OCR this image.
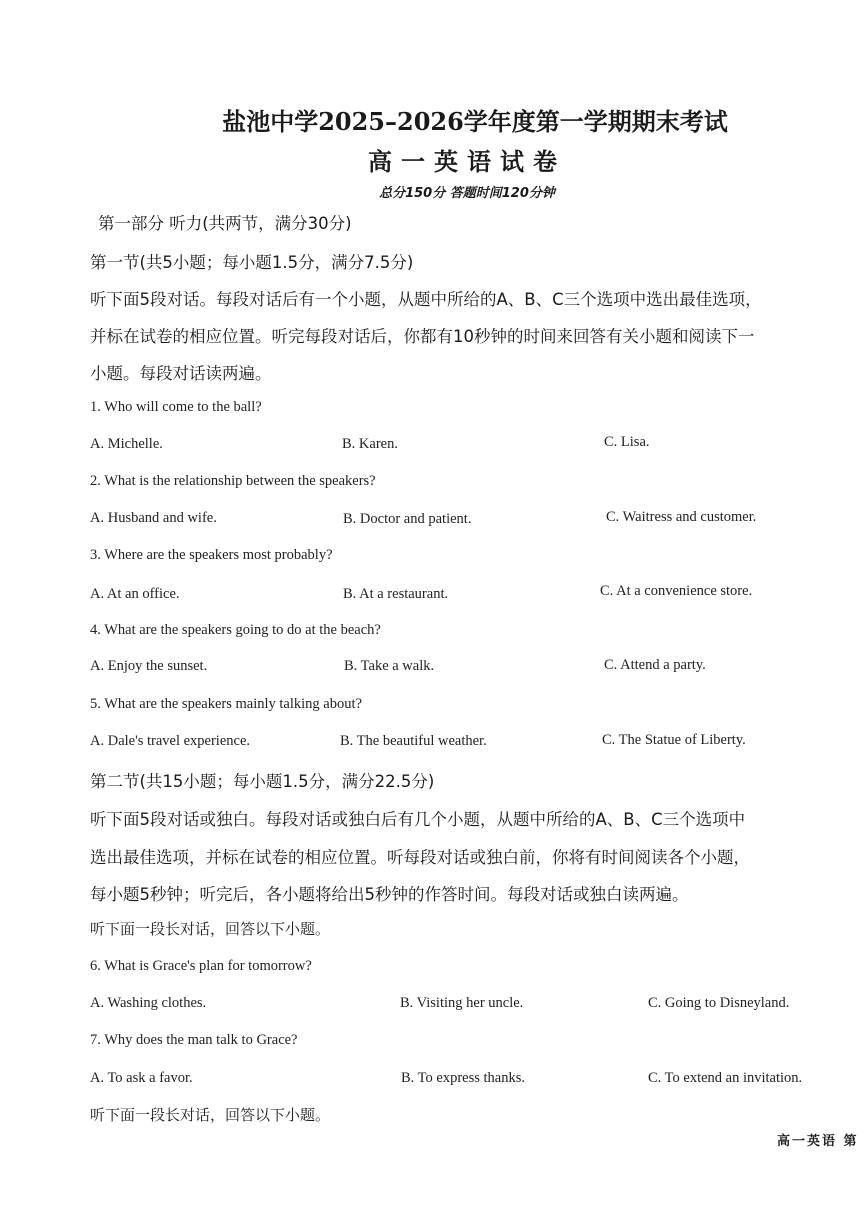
盐池中学2025–2026学年度第一学期期末考试
高一英语试卷
总分150分 答题时间120分钟
第一部分 听力(共两节，满分30分)
第一节(共5小题；每小题1.5分，满分7.5分)
听下面5段对话。每段对话后有一个小题，从题中所给的A、B、C三个选项中选出最佳选项，
并标在试卷的相应位置。听完每段对话后，你都有10秒钟的时间来回答有关小题和阅读下一
小题。每段对话读两遍。
1. Who will come to the ball?
A. Michelle.	B. Karen.	C. Lisa.
2. What is the relationship between the speakers?
A. Husband and wife.	B. Doctor and patient.	C. Waitress and customer.
3. Where are the speakers most probably?
A. At an office.	B. At a restaurant.	C. At a convenience store.
4. What are the speakers going to do at the beach?
A. Enjoy the sunset.	B. Take a walk.	C. Attend a party.
5. What are the speakers mainly talking about?
A. Dale's travel experience.	B. The beautiful weather.	C. The Statue of Liberty.
第二节(共15小题；每小题1.5分，满分22.5分)
听下面5段对话或独白。每段对话或独白后有几个小题，从题中所给的A、B、C三个选项中
选出最佳选项，并标在试卷的相应位置。听每段对话或独白前，你将有时间阅读各个小题，
每小题5秒钟；听完后，各小题将给出5秒钟的作答时间。每段对话或独白读两遍。
听下面一段长对话，回答以下小题。
6. What is Grace's plan for tomorrow?
A. Washing clothes.	B. Visiting her uncle.	C. Going to Disneyland.
7. Why does the man talk to Grace?
A. To ask a favor.	B. To express thanks.	C. To extend an invitation.
听下面一段长对话，回答以下小题。
高一英语 第
